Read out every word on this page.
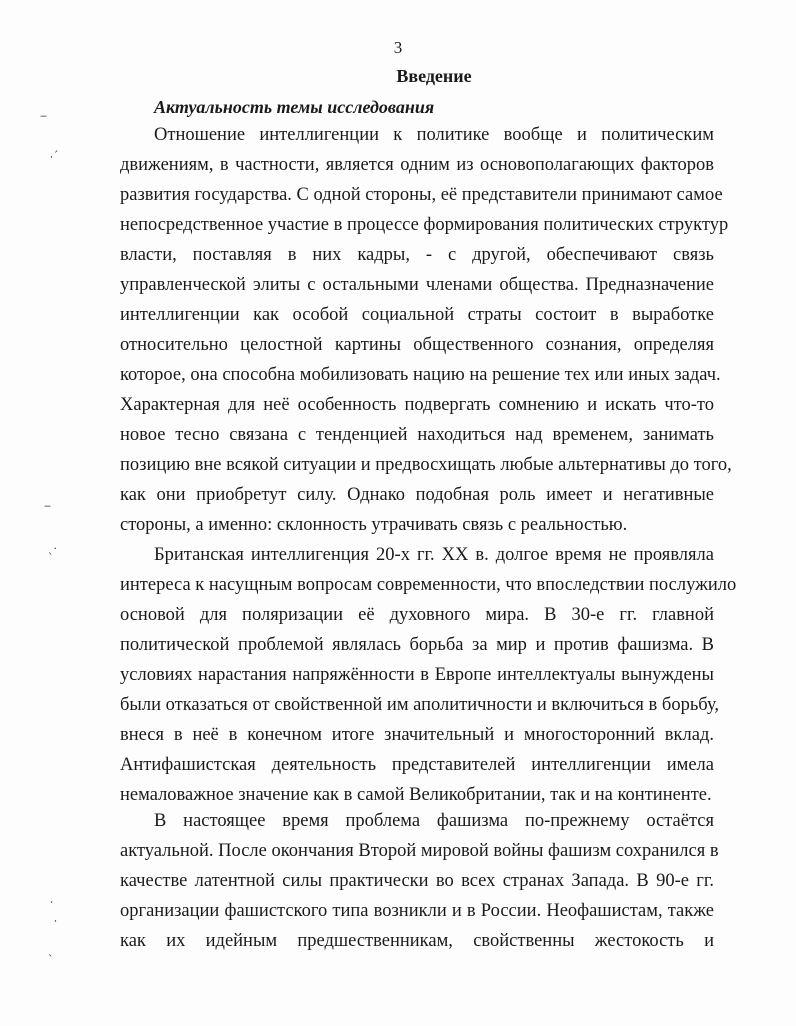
3
Введение
Актуальность темы исследования
Отношение интеллигенции к политике вообще и политическим
движениям, в частности, является одним из основополагающих факторов
развития государства. С одной стороны, её представители принимают самое
непосредственное участие в процессе формирования политических структур
власти, поставляя в них кадры, - с другой, обеспечивают связь
управленческой элиты с остальными членами общества. Предназначение
интеллигенции как особой социальной страты состоит в выработке
относительно целостной картины общественного сознания, определяя
которое, она способна мобилизовать нацию на решение тех или иных задач.
Характерная для неё особенность подвергать сомнению и искать что-то
новое тесно связана с тенденцией находиться над временем, занимать
позицию вне всякой ситуации и предвосхищать любые альтернативы до того,
как они приобретут силу. Однако подобная роль имеет и негативные
стороны, а именно: склонность утрачивать связь с реальностью.
Британская интеллигенция 20-х гг. XX в. долгое время не проявляла
интереса к насущным вопросам современности, что впоследствии послужило
основой для поляризации её духовного мира. В 30-е гг. главной
политической проблемой являлась борьба за мир и против фашизма. В
условиях нарастания напряжённости в Европе интеллектуалы вынуждены
были отказаться от свойственной им аполитичности и включиться в борьбу,
внеся в неё в конечном итоге значительный и многосторонний вклад.
Антифашистская деятельность представителей интеллигенции имела
немаловажное значение как в самой Великобритании, так и на континенте.
В настоящее время проблема фашизма по-прежнему остаётся
актуальной. После окончания Второй мировой войны фашизм сохранился в
качестве латентной силы практически во всех странах Запада. В 90-е гг.
организации фашистского типа возникли и в России. Неофашистам, также
как их идейным предшественникам, свойственны жестокость и
‒
⸳ˊ
‒
ˎ·
ˑ
⸳
ˎ
